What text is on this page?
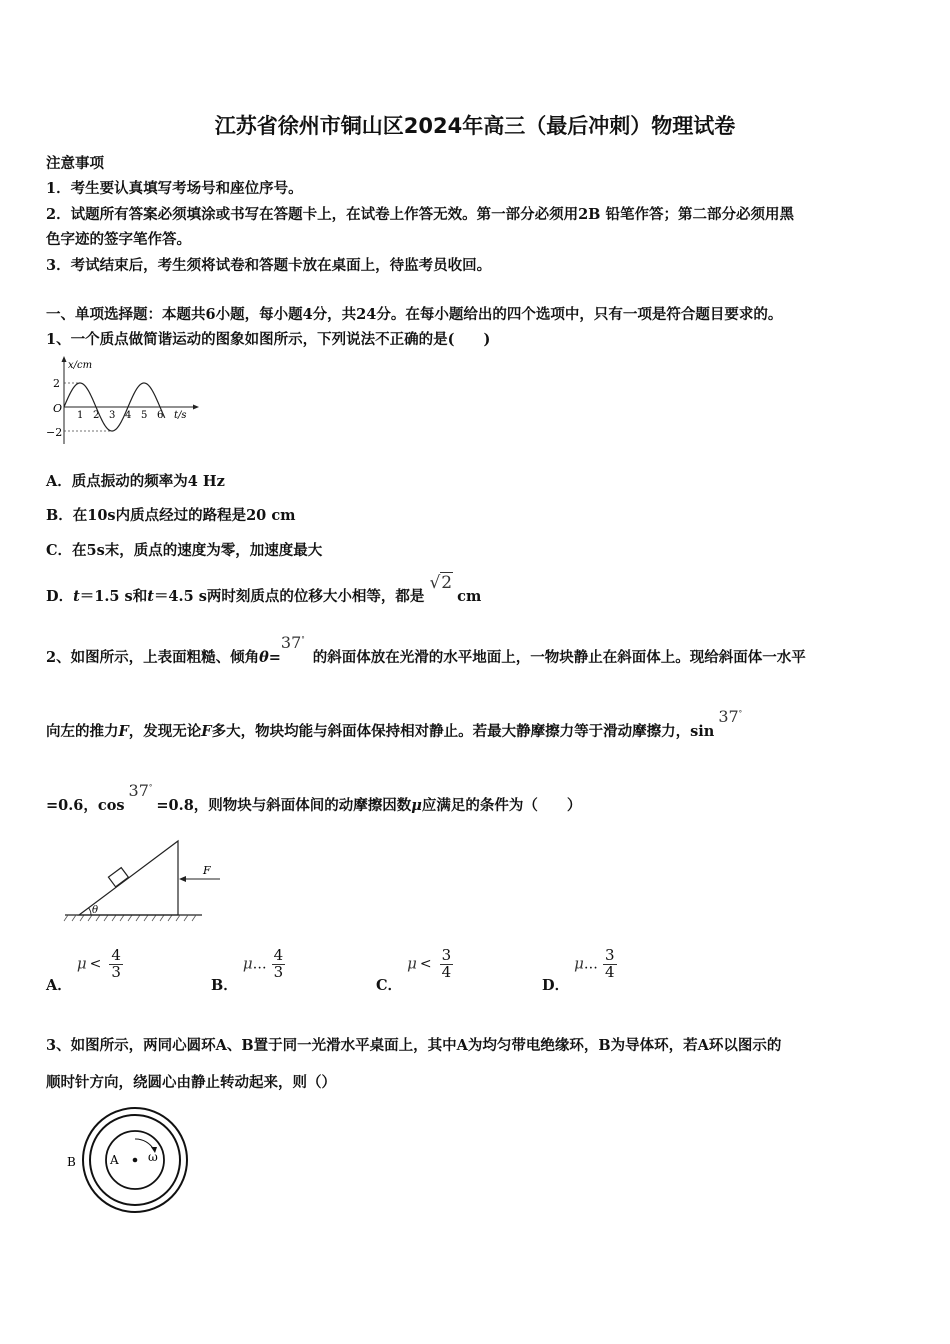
江苏省徐州市铜山区2024年高三（最后冲刺）物理试卷
注意事项
1．考生要认真填写考场号和座位序号。
2．试题所有答案必须填涂或书写在答题卡上，在试卷上作答无效。第一部分必须用2B 铅笔作答；第二部分必须用黑
色字迹的签字笔作答。
3．考试结束后，考生须将试卷和答题卡放在桌面上，待监考员收回。
一、单项选择题：本题共6小题，每小题4分，共24分。在每小题给出的四个选项中，只有一项是符合题目要求的。
1、一个质点做简谐运动的图象如图所示，下列说法不正确的是(　　)
x/cm
t/s
O
2
−2
1 2 3 4 5 6
A．质点振动的频率为4 Hz
B．在10s内质点经过的路程是20 cm
C．在5s末，质点的速度为零，加速度最大
D．t＝1.5 s和t＝4.5 s两时刻质点的位移大小相等，都是 √2cm
2、如图所示，上表面粗糙、倾角θ=37°的斜面体放在光滑的水平地面上，一物块静止在斜面体上。现给斜面体一水平
向左的推力F，发现无论F多大，物块均能与斜面体保持相对静止。若最大静摩擦力等于滑动摩擦力，sin37°
=0.6，cos37°=0.8，则物块与斜面体间的动摩擦因数μ应满足的条件为（　　）
θ
F
A． $\mu < \frac{4}{3}$
B． μ… $\frac{4}{3}$
C． $\mu < \frac{3}{4}$
D． μ… $\frac{3}{4}$
3、如图所示，两同心圆环A、B置于同一光滑水平桌面上，其中A为均匀带电绝缘环，B为导体环，若A环以图示的
顺时针方向，绕圆心由静止转动起来，则（）
B	A ω
